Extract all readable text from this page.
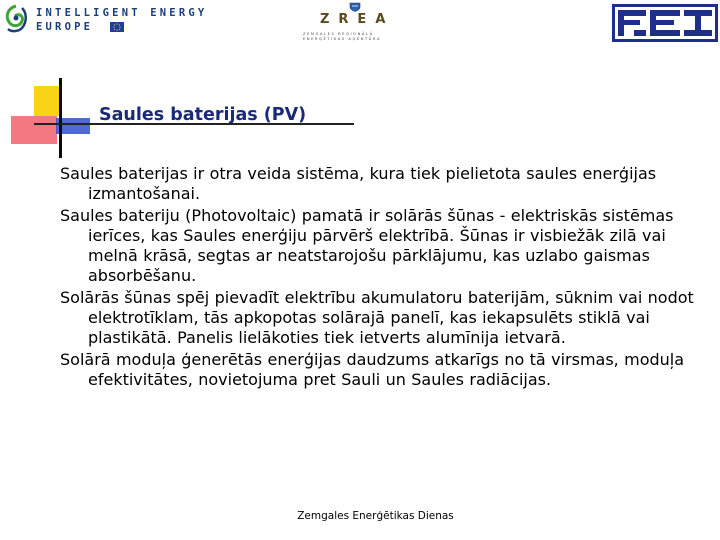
INTELLIGENT ENERGY
EUROPE	ZREA
ZEMGALES REĢIONĀLĀ
ENERĢĒTIKAS AĢENTŪRA
Saules baterijas (PV)

Saules baterijas ir otra veida sistēma, kura tiek pielietota saules enerģijas izmantošanai.

Saules bateriju (Photovoltaic) pamatā ir solārās šūnas - elektriskās sistēmas ierīces, kas Saules enerģiju pārvērš elektrībā. Šūnas ir visbiežāk zilā vai melnā krāsā, segtas ar neatstarojošu pārklājumu, kas uzlabo gaismas absorbēšanu.

Solārās šūnas spēj pievadīt elektrību akumulatoru baterijām, sūknim vai nodot elektrotīklam, tās apkopotas solārajā panelī, kas iekapsulēts stiklā vai plastikātā. Panelis lielākoties tiek ietverts alumīnija ietvarā.

Solārā moduļa ģenerētās enerģijas daudzums atkarīgs no tā virsmas, moduļa efektivitātes, novietojuma pret Sauli un Saules radiācijas.

Zemgales Enerģētikas Dienas
